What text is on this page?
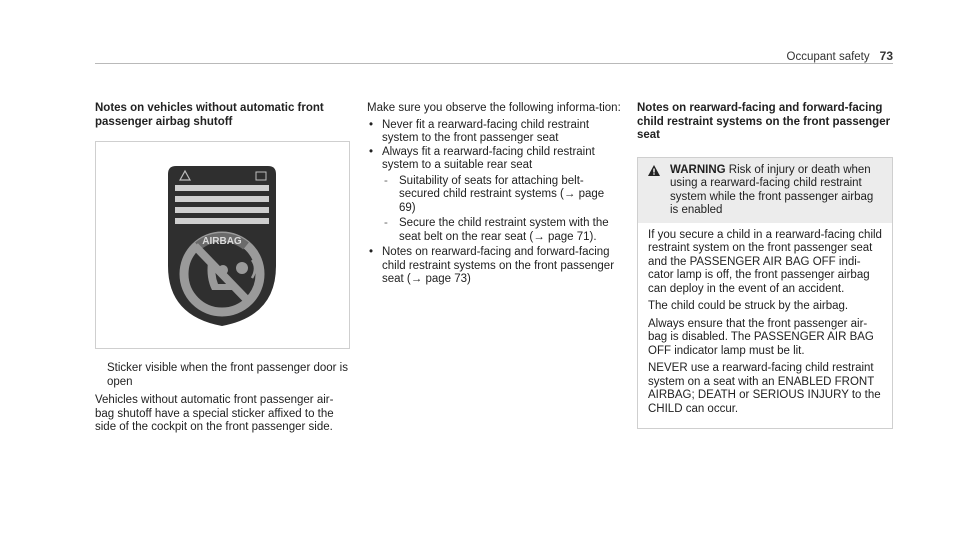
Occupant safety 73
Notes on vehicles without automatic front passenger airbag shutoff
AIRBAG

Sticker visible when the front passenger door is open

Vehicles without automatic front passenger air-bag shutoff have a special sticker affixed to the side of the cockpit on the front passenger side.

Make sure you observe the following informa-tion:

• Never fit a rearward-facing child restraint system to the front passenger seat
• Always fit a rearward-facing child restraint system to a suitable rear seat
- Suitability of seats for attaching belt-secured child restraint systems (→ page 69)
- Secure the child restraint system with the seat belt on the rear seat (→ page 71).
• Notes on rearward-facing and forward-facing child restraint systems on the front passenger seat (→ page 73)
Notes on rearward-facing and forward-facing child restraint systems on the front passenger seat
WARNING Risk of injury or death when using a rearward-facing child restraint system while the front passenger airbag is enabled

If you secure a child in a rearward-facing child restraint system on the front passenger seat and the PASSENGER AIR BAG OFF indi-cator lamp is off, the front passenger airbag can deploy in the event of an accident.

The child could be struck by the airbag.

Always ensure that the front passenger air-bag is disabled. The PASSENGER AIR BAG OFF indicator lamp must be lit.

NEVER use a rearward-facing child restraint system on a seat with an ENABLED FRONT AIRBAG; DEATH or SERIOUS INJURY to the CHILD can occur.
